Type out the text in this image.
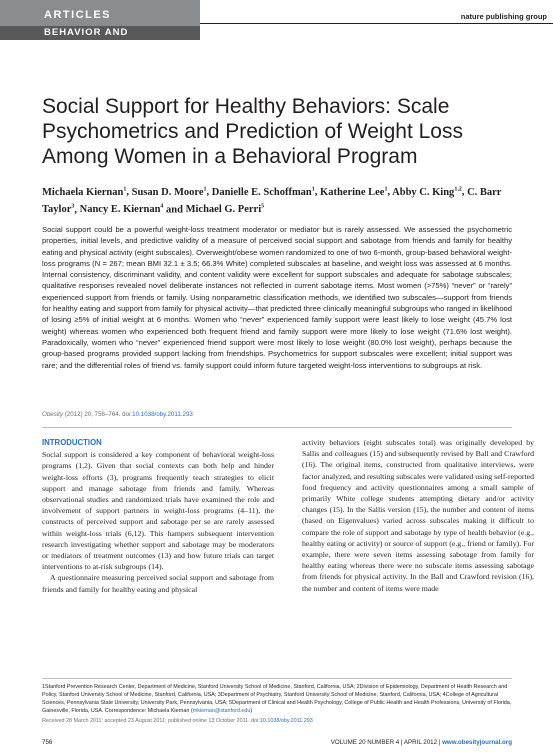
ARTICLES
BEHAVIOR AND PSYCHOLOGY
nature publishing group
Social Support for Healthy Behaviors: Scale Psychometrics and Prediction of Weight Loss Among Women in a Behavioral Program
Michaela Kiernan$^1$, Susan D. Moore$^1$, Danielle E. Schoffman$^1$, Katherine Lee$^1$, Abby C. King$^{1,2}$, C. Barr Taylor$^3$, Nancy E. Kiernan$^4$ and Michael G. Perri$^5$
Social support could be a powerful weight-loss treatment moderator or mediator but is rarely assessed. We assessed the psychometric properties, initial levels, and predictive validity of a measure of perceived social support and sabotage from friends and family for healthy eating and physical activity (eight subscales). Overweight/obese women randomized to one of two 6-month, group-based behavioral weight-loss programs (N = 267; mean BMI 32.1 ± 3.5; 66.3% White) completed subscales at baseline, and weight loss was assessed at 6 months. Internal consistency, discriminant validity, and content validity were excellent for support subscales and adequate for sabotage subscales; qualitative responses revealed novel deliberate instances not reflected in current sabotage items. Most women (>75%) “never” or “rarely” experienced support from friends or family. Using nonparametric classification methods, we identified two subscales—support from friends for healthy eating and support from family for physical activity—that predicted three clinically meaningful subgroups who ranged in likelihood of losing ≥5% of initial weight at 6 months. Women who “never” experienced family support were least likely to lose weight (45.7% lost weight) whereas women who experienced both frequent friend and family support were more likely to lose weight (71.6% lost weight). Paradoxically, women who “never” experienced friend support were most likely to lose weight (80.0% lost weight), perhaps because the group-based programs provided support lacking from friendships. Psychometrics for support subscales were excellent; initial support was rare; and the differential roles of friend vs. family support could inform future targeted weight-loss interventions to subgroups at risk.
Obesity (2012) 20, 756–764. doi:10.1038/oby.2011.293
INTRODUCTION

Social support is considered a key component of behavioral weight-loss programs (1,2). Given that social contexts can both help and hinder weight-loss efforts (3), programs frequently teach strategies to elicit support and manage sabotage from friends and family. Whereas observational studies and randomized trials have examined the role and involvement of support partners in weight-loss programs (4–11), the constructs of perceived support and sabotage per se are rarely assessed within weight-loss trials (6,12). This hampers subsequent intervention research investigating whether support and sabotage may be moderators or mediators of treatment outcomes (13) and how future trials can target interventions to at-risk subgroups (14).

A questionnaire measuring perceived social support and sabotage from friends and family for healthy eating and physical

activity behaviors (eight subscales total) was originally developed by Sallis and colleagues (15) and subsequently revised by Ball and Crawford (16). The original items, constructed from qualitative interviews, were factor analyzed, and resulting subscales were validated using self-reported food frequency and activity questionnaires among a small sample of primarily White college students attempting dietary and/or activity changes (15). In the Sallis version (15), the number and content of items (based on Eigenvalues) varied across subscales making it difficult to compare the role of support and sabotage by type of health behavior (e.g., healthy eating or activity) or source of support (e.g., friend or family). For example, there were seven items assessing sabotage from family for healthy eating whereas there were no subscale items assessing sabotage from friends for physical activity. In the Ball and Crawford revision (16), the number and content of items were made

1Stanford Prevention Research Center, Department of Medicine, Stanford University School of Medicine, Stanford, California, USA; 2Division of Epidemiology, Department of Health Research and Policy, Stanford University School of Medicine, Stanford, California, USA; 3Department of Psychiatry, Stanford University School of Medicine, Stanford, California, USA; 4College of Agricultural Sciences, Pennsylvania State University, University Park, Pennsylvania, USA; 5Department of Clinical and Health Psychology, College of Public Health and Health Professions, University of Florida, Gainesville, Florida, USA. Correspondence: Michaela Kiernan (mkiernan@stanford.edu)
Received 28 March 2011; accepted 23 August 2011; published online 13 October 2011. doi:10.1038/oby.2011.293
756	VOLUME 20 NUMBER 4 | APRIL 2012 | www.obesityjournal.org
